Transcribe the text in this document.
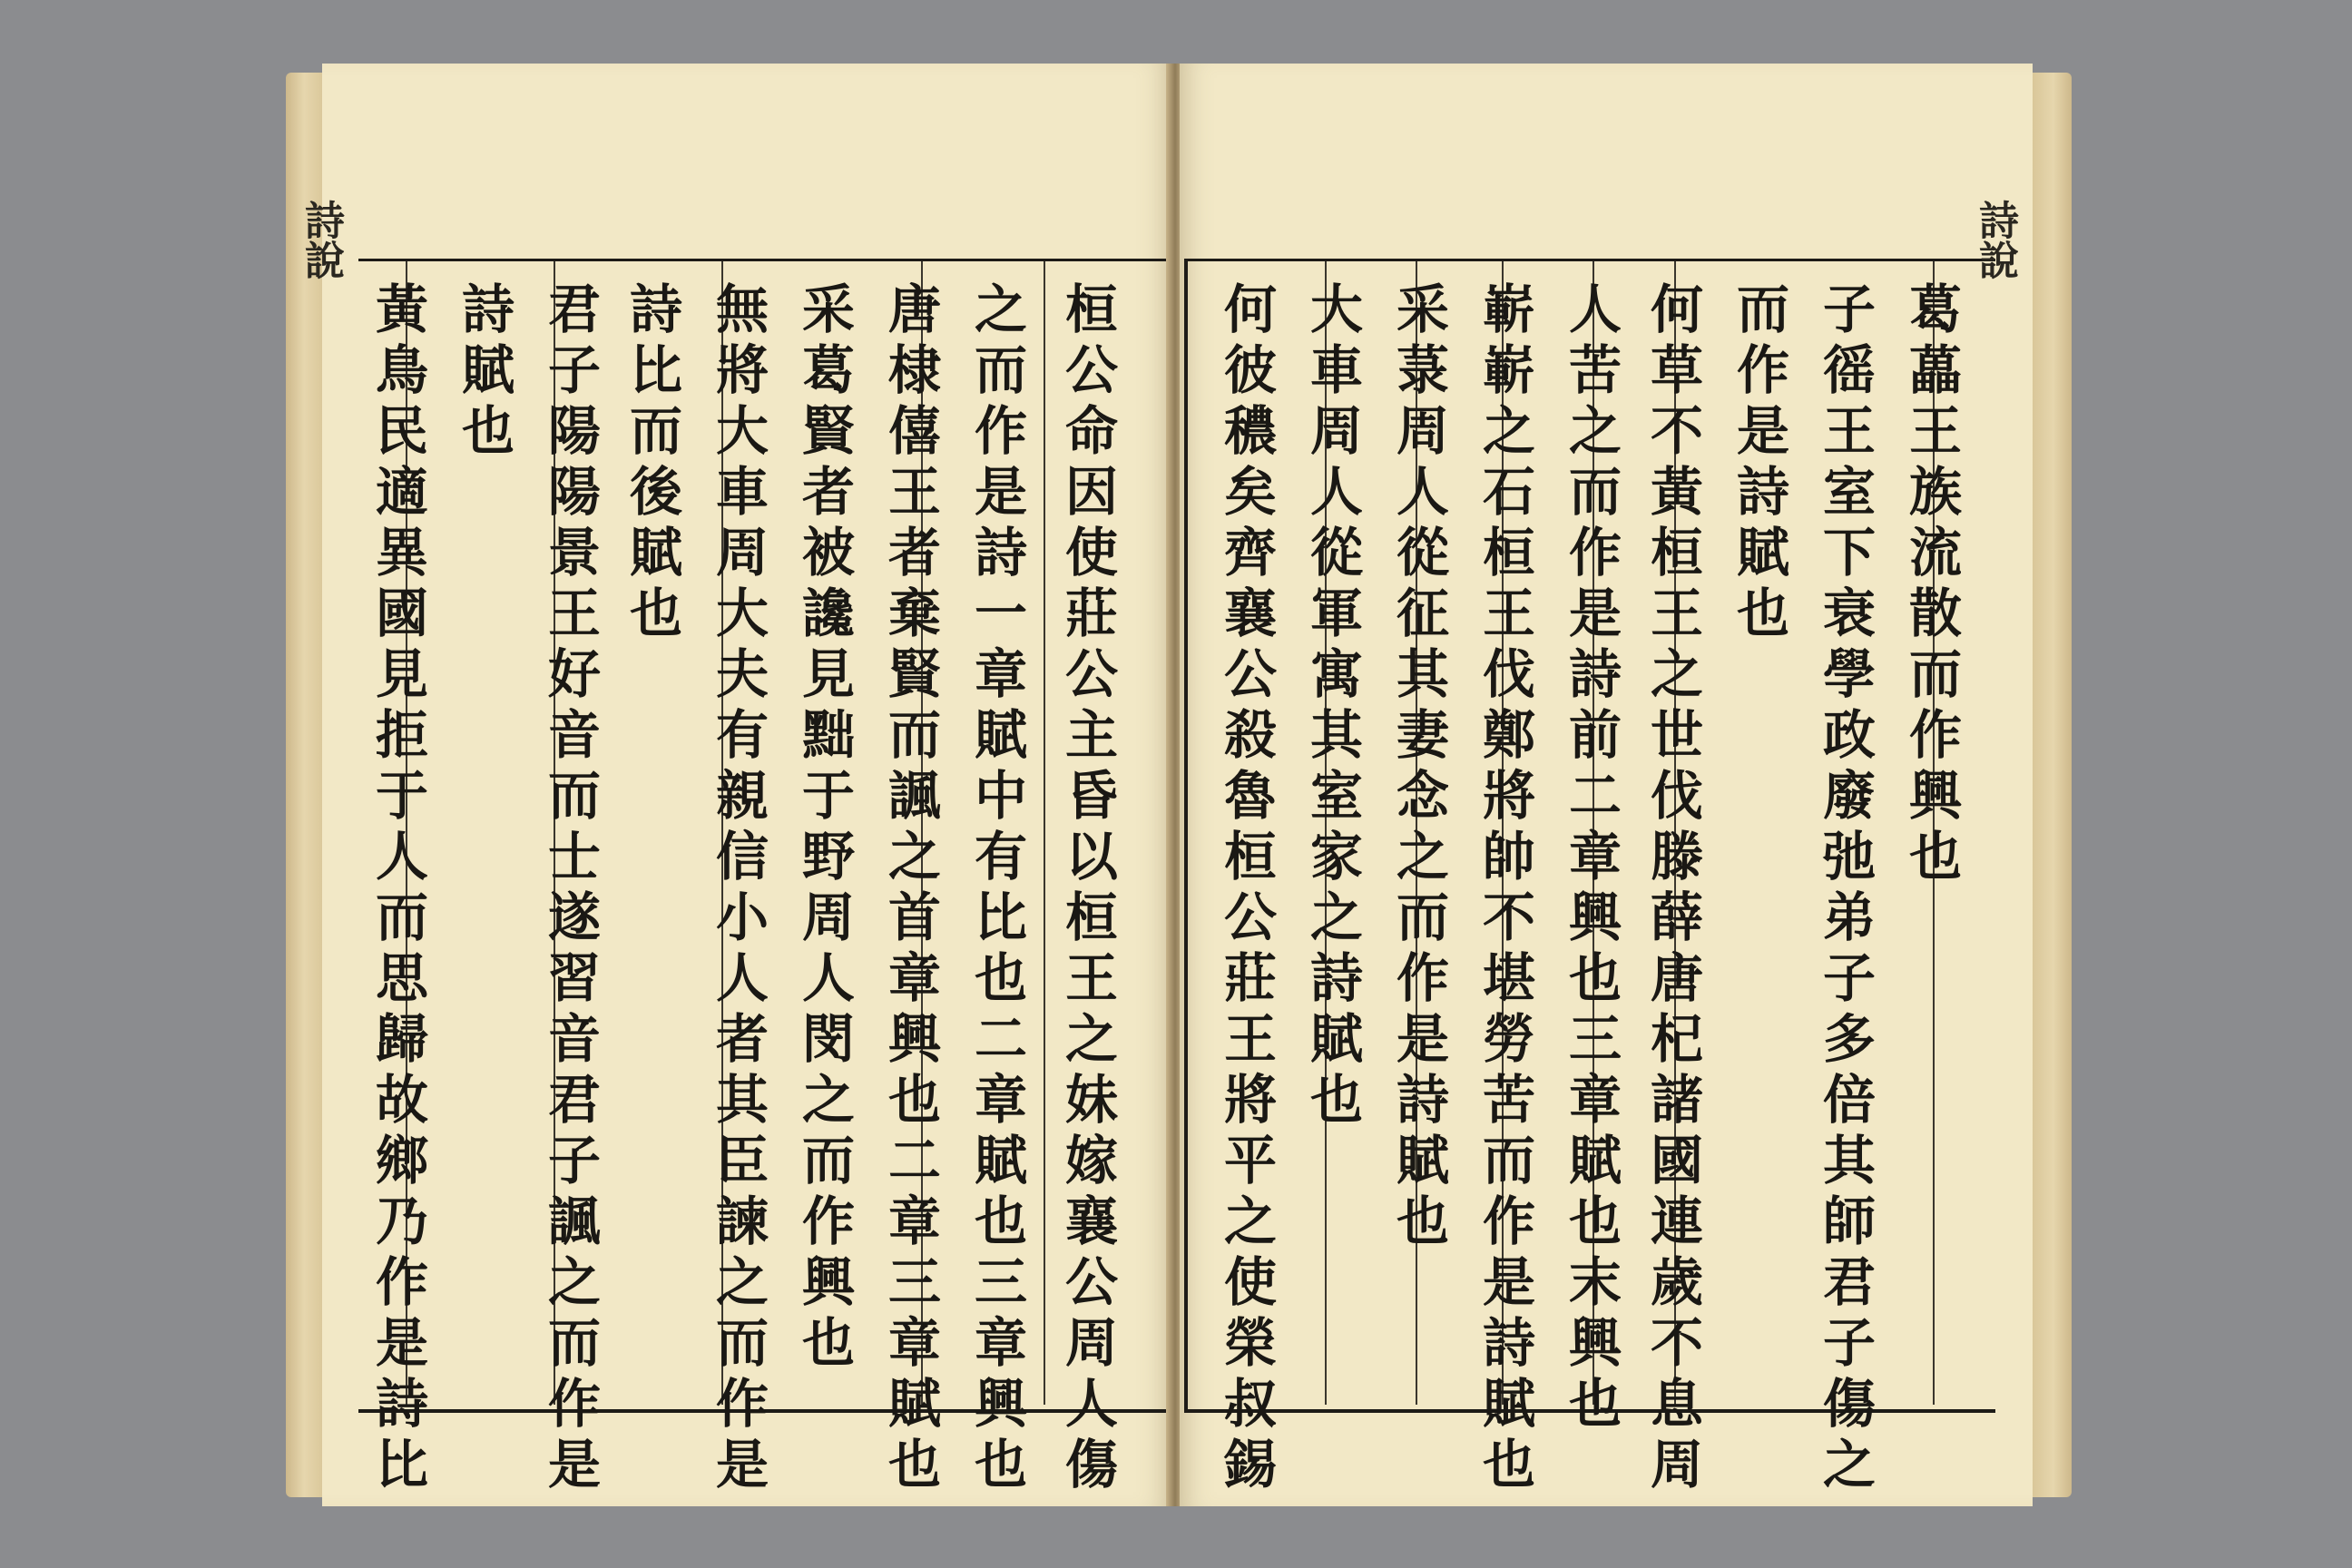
詩說
桓公命因使莊公主昏以桓王之妹嫁襄公周人傷
之而作是詩一章賦中有比也二章賦也三章興也
唐棣僖王者棄賢而諷之首章興也二章三章賦也
采葛賢者被讒見黜于野周人閔之而作興也
無將大車周大夫有親信小人者其臣諫之而作是
詩比而後賦也
君子陽陽景王好音而士遂習音君子諷之而作是
詩賦也
黃鳥民適異國見拒于人而思歸故鄉乃作是詩比
詩說
葛藟王族流散而作興也
子徭王室下衰學政廢弛弟子多倍其師君子傷之
而作是詩賦也
何草不黃桓王之世伐滕薛唐杞諸國連歲不息周
人苦之而作是詩前二章興也三章賦也末興也
嶄嶄之石桓王伐鄭將帥不堪勞苦而作是詩賦也
采菉周人從征其妻念之而作是詩賦也
大車周人從軍寓其室家之詩賦也
何彼穠矣齊襄公殺魯桓公莊王將平之使榮叔錫
